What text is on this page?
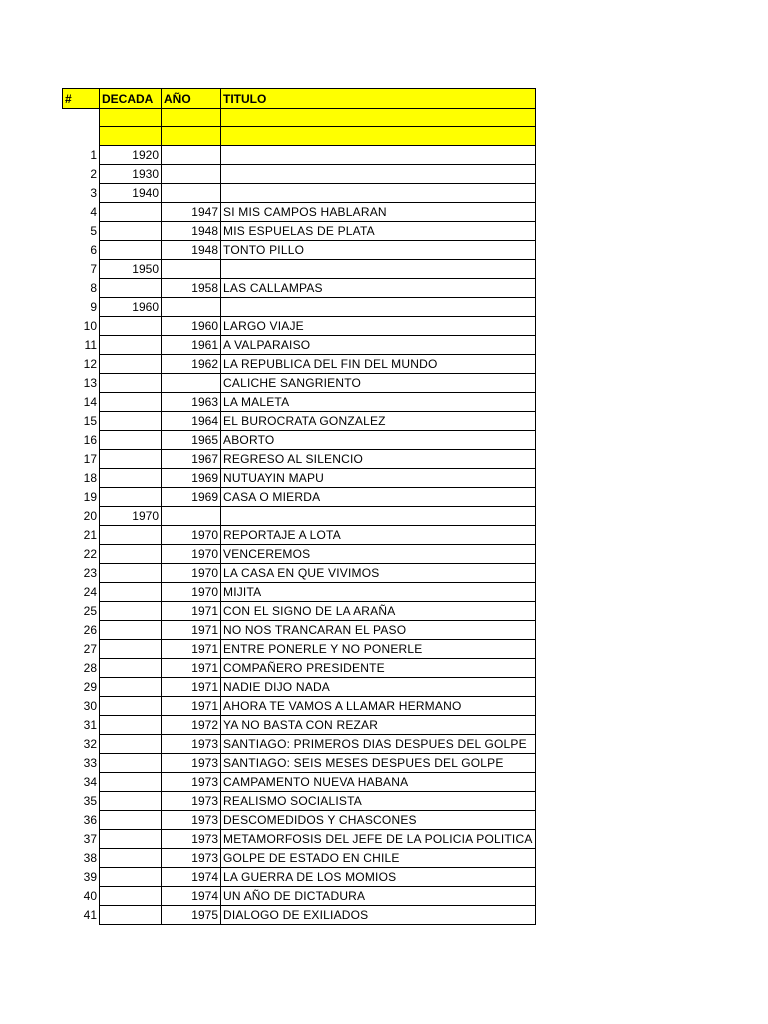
#	DECADA	AÑO	TITULO

1	1920		
2	1930		
3	1940		
4		1947	SI MIS CAMPOS HABLARAN
5		1948	MIS ESPUELAS DE PLATA
6		1948	TONTO PILLO
7	1950		
8		1958	LAS CALLAMPAS
9	1960		
10		1960	LARGO VIAJE
11		1961	A VALPARAISO
12		1962	LA REPUBLICA DEL FIN DEL MUNDO
13			CALICHE SANGRIENTO
14		1963	LA MALETA
15		1964	EL BUROCRATA GONZALEZ
16		1965	ABORTO
17		1967	REGRESO AL SILENCIO
18		1969	NUTUAYIN MAPU
19		1969	CASA O MIERDA
20	1970		
21		1970	REPORTAJE A LOTA
22		1970	VENCEREMOS
23		1970	LA CASA EN QUE VIVIMOS
24		1970	MIJITA
25		1971	CON EL SIGNO DE LA ARAÑA
26		1971	NO NOS TRANCARAN EL PASO
27		1971	ENTRE PONERLE Y NO PONERLE
28		1971	COMPAÑERO PRESIDENTE
29		1971	NADIE DIJO NADA
30		1971	AHORA TE VAMOS A LLAMAR HERMANO
31		1972	YA NO BASTA CON REZAR
32		1973	SANTIAGO: PRIMEROS DIAS DESPUES DEL GOLPE
33		1973	SANTIAGO: SEIS MESES DESPUES DEL GOLPE
34		1973	CAMPAMENTO NUEVA HABANA
35		1973	REALISMO SOCIALISTA
36		1973	DESCOMEDIDOS Y CHASCONES
37		1973	METAMORFOSIS DEL JEFE DE LA POLICIA POLITICA
38		1973	GOLPE DE ESTADO EN CHILE
39		1974	LA GUERRA DE LOS MOMIOS
40		1974	UN AÑO DE DICTADURA
41		1975	DIALOGO DE EXILIADOS
